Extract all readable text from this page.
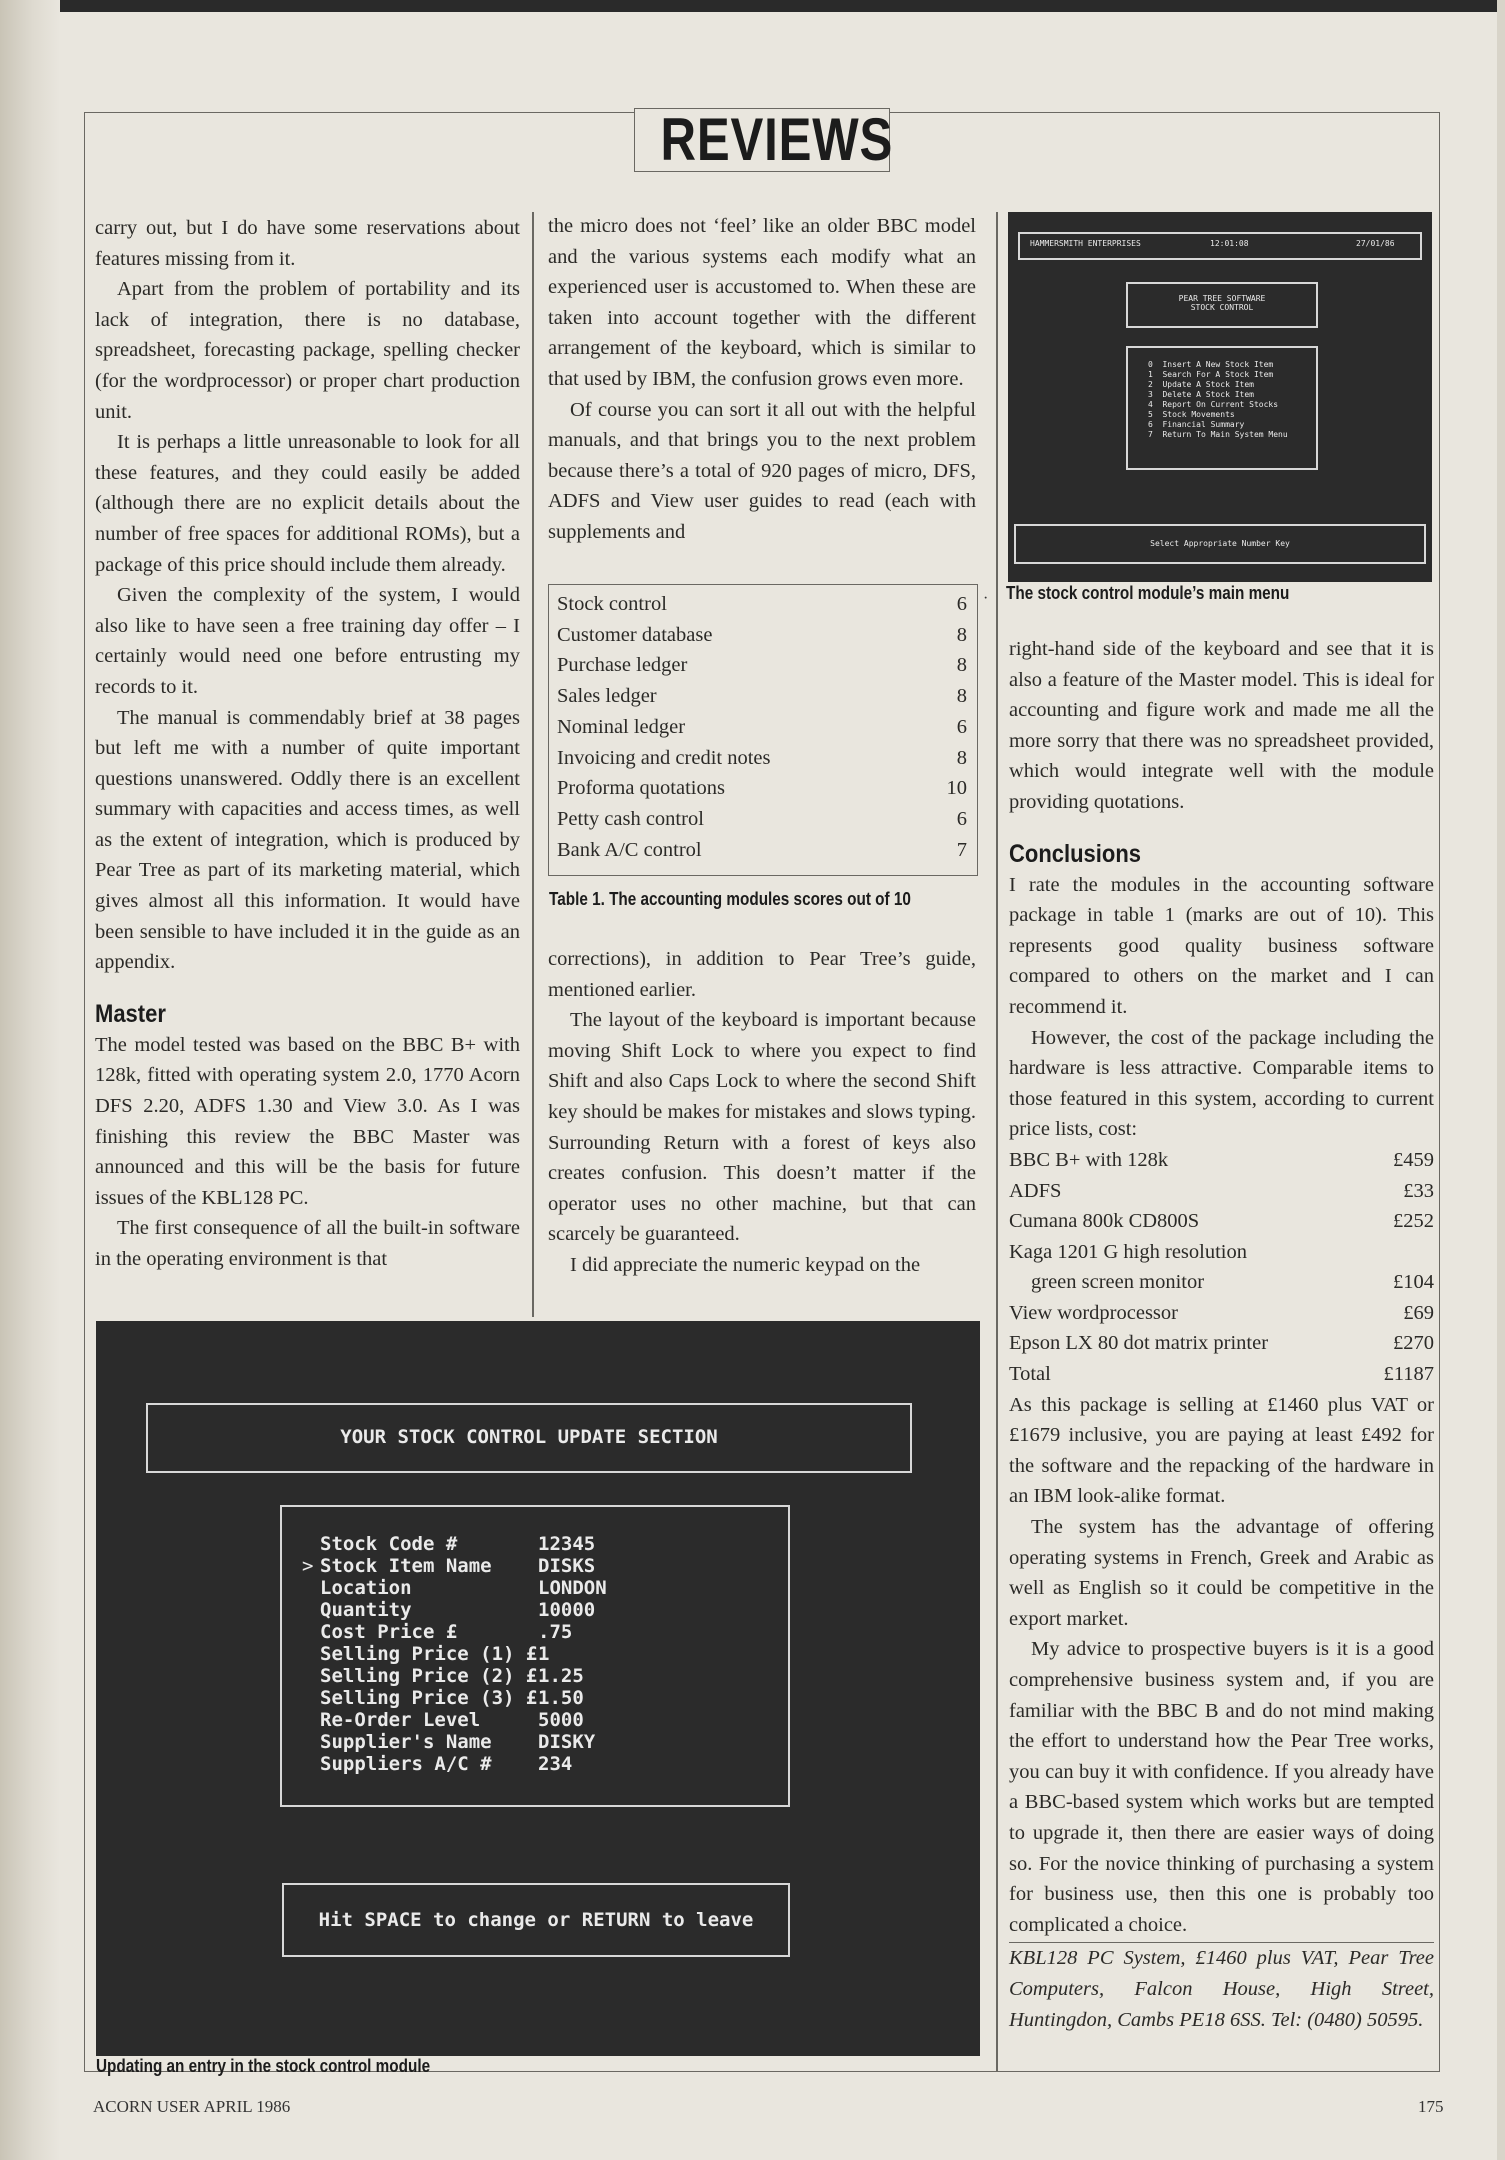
REVIEWS

carry out, but I do have some reservations about features missing from it.

Apart from the problem of portability and its lack of integration, there is no database, spreadsheet, forecasting package, spelling checker (for the wordprocessor) or proper chart production unit.

It is perhaps a little unreasonable to look for all these features, and they could easily be added (although there are no explicit details about the number of free spaces for additional ROMs), but a package of this price should include them already.

Given the complexity of the system, I would also like to have seen a free training day offer – I certainly would need one before entrusting my records to it.

The manual is commendably brief at 38 pages but left me with a number of quite important questions unanswered. Oddly there is an excellent summary with capacities and access times, as well as the extent of integration, which is produced by Pear Tree as part of its marketing material, which gives almost all this information. It would have been sensible to have included it in the guide as an appendix.

Master

The model tested was based on the BBC B+ with 128k, fitted with operating system 2.0, 1770 Acorn DFS 2.20, ADFS 1.30 and View 3.0. As I was finishing this review the BBC Master was announced and this will be the basis for future issues of the KBL128 PC.

The first consequence of all the built-in software in the operating environment is that

the micro does not ‘feel’ like an older BBC model and the various systems each modify what an experienced user is accustomed to. When these are taken into account together with the different arrangement of the keyboard, which is similar to that used by IBM, the confusion grows even more.

Of course you can sort it all out with the helpful manuals, and that brings you to the next problem because there’s a total of 920 pages of micro, DFS, ADFS and View user guides to read (each with supplements and

Stock control	6
Customer database	8
Purchase ledger	8
Sales ledger	8
Nominal ledger	6
Invoicing and credit notes	8
Proforma quotations	10
Petty cash control	6
Bank A/C control	7
·
Table 1. The accounting modules scores out of 10

corrections), in addition to Pear Tree’s guide, mentioned earlier.

The layout of the keyboard is important because moving Shift Lock to where you expect to find Shift and also Caps Lock to where the second Shift key should be makes for mistakes and slows typing. Surrounding Return with a forest of keys also creates confusion. This doesn’t matter if the operator uses no other machine, but that can scarcely be guaranteed.

I did appreciate the numeric keypad on the

HAMMERSMITH ENTERPRISES	12:01:08	27/01/86
PEAR TREE SOFTWARE
STOCK CONTROL
0  Insert A New Stock Item
1  Search For A Stock Item
2  Update A Stock Item
3  Delete A Stock Item
4  Report On Current Stocks
5  Stock Movements
6  Financial Summary
7  Return To Main System Menu
Select Appropriate Number Key
The stock control module’s main menu

right-hand side of the keyboard and see that it is also a feature of the Master model. This is ideal for accounting and figure work and made me all the more sorry that there was no spreadsheet provided, which would integrate well with the module providing quotations.

Conclusions

I rate the modules in the accounting software package in table 1 (marks are out of 10). This represents good quality business software compared to others on the market and I can recommend it.

However, the cost of the package including the hardware is less attractive. Comparable items to those featured in this system, according to current price lists, cost:

BBC B+ with 128k	£459
ADFS	£33
Cumana 800k CD800S	£252
Kaga 1201 G high resolution
green screen monitor	£104
View wordprocessor	£69
Epson LX 80 dot matrix printer	£270
Total	£1187

As this package is selling at £1460 plus VAT or £1679 inclusive, you are paying at least £492 for the software and the repacking of the hardware in an IBM look-alike format.

The system has the advantage of offering operating systems in French, Greek and Arabic as well as English so it could be competitive in the export market.

My advice to prospective buyers is it is a good comprehensive business system and, if you are familiar with the BBC B and do not mind making the effort to understand how the Pear Tree works, you can buy it with confidence. If you already have a BBC-based system which works but are tempted to upgrade it, then there are easier ways of doing so. For the novice thinking of purchasing a system for business use, then this one is probably too complicated a choice.

KBL128 PC System, £1460 plus VAT, Pear Tree Computers, Falcon House, High Street, Huntingdon, Cambs PE18 6SS. Tel: (0480) 50595.

YOUR STOCK CONTROL UPDATE SECTION
Stock Code #	12345
> Stock Item Name	DISKS
Location	LONDON
Quantity	10000
Cost Price £	.75
Selling Price (1) £ 1
Selling Price (2) £ 1.25
Selling Price (3) £ 1.50
Re-Order Level	5000
Supplier's Name	DISKY
Suppliers A/C #	234
Hit SPACE to change or RETURN to leave
Updating an entry in the stock control module
ACORN USER APRIL 1986	175
